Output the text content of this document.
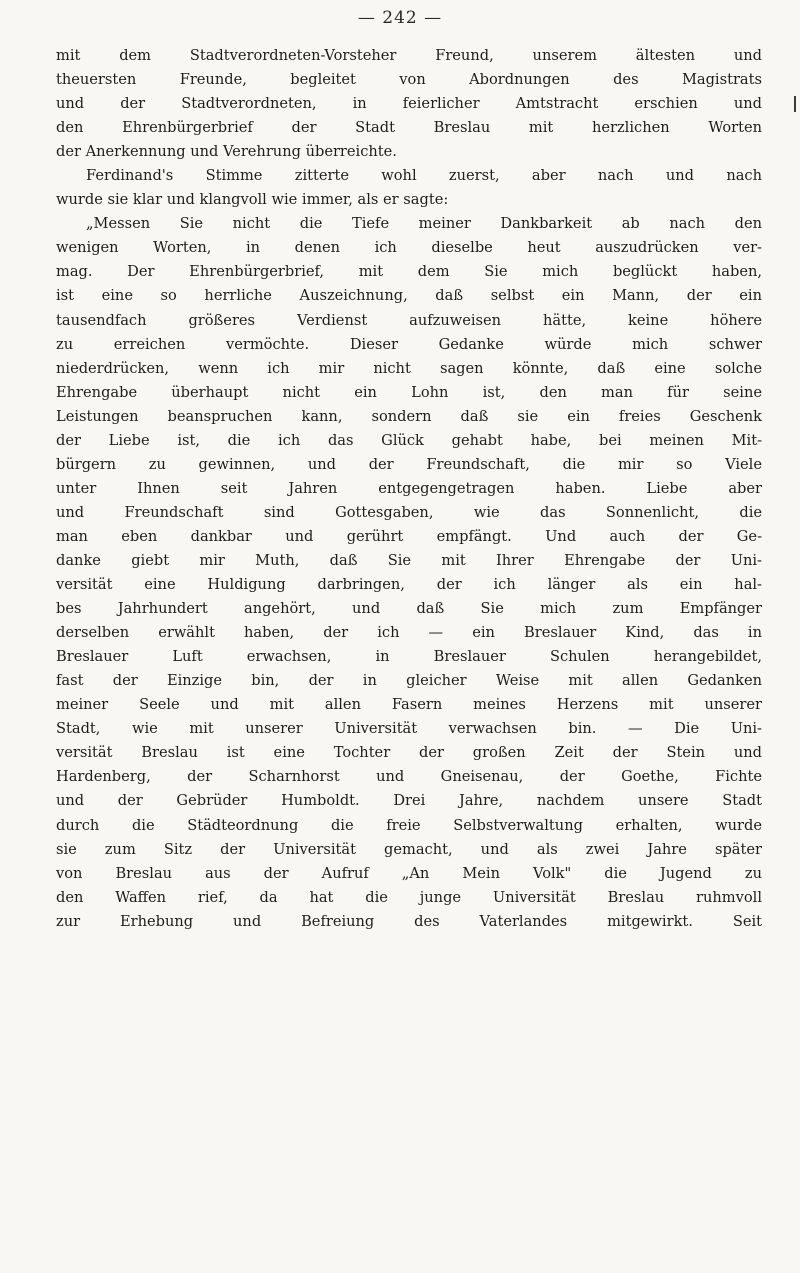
— 242 —
mit dem Stadtverordneten-Vorsteher Freund, unserem ältesten und
theuersten Freunde, begleitet von Abordnungen des Magistrats
und der Stadtverordneten, in feierlicher Amtstracht erschien und
den Ehrenbürgerbrief der Stadt Breslau mit herzlichen Worten
der Anerkennung und Verehrung überreichte.
Ferdinand's Stimme zitterte wohl zuerst, aber nach und nach
wurde sie klar und klangvoll wie immer, als er sagte:
„Messen Sie nicht die Tiefe meiner Dankbarkeit ab nach den
wenigen Worten, in denen ich dieselbe heut auszudrücken ver-
mag. Der Ehrenbürgerbrief, mit dem Sie mich beglückt haben,
ist eine so herrliche Auszeichnung, daß selbst ein Mann, der ein
tausendfach größeres Verdienst aufzuweisen hätte, keine höhere
zu erreichen vermöchte. Dieser Gedanke würde mich schwer
niederdrücken, wenn ich mir nicht sagen könnte, daß eine solche
Ehrengabe überhaupt nicht ein Lohn ist, den man für seine
Leistungen beanspruchen kann, sondern daß sie ein freies Geschenk
der Liebe ist, die ich das Glück gehabt habe, bei meinen Mit-
bürgern zu gewinnen, und der Freundschaft, die mir so Viele
unter Ihnen seit Jahren entgegengetragen haben. Liebe aber
und Freundschaft sind Gottesgaben, wie das Sonnenlicht, die
man eben dankbar und gerührt empfängt. Und auch der Ge-
danke giebt mir Muth, daß Sie mit Ihrer Ehrengabe der Uni-
versität eine Huldigung darbringen, der ich länger als ein hal-
bes Jahrhundert angehört, und daß Sie mich zum Empfänger
derselben erwählt haben, der ich — ein Breslauer Kind, das in
Breslauer Luft erwachsen, in Breslauer Schulen herangebildet,
fast der Einzige bin, der in gleicher Weise mit allen Gedanken
meiner Seele und mit allen Fasern meines Herzens mit unserer
Stadt, wie mit unserer Universität verwachsen bin. — Die Uni-
versität Breslau ist eine Tochter der großen Zeit der Stein und
Hardenberg, der Scharnhorst und Gneisenau, der Goethe, Fichte
und der Gebrüder Humboldt. Drei Jahre, nachdem unsere Stadt
durch die Städteordnung die freie Selbstverwaltung erhalten, wurde
sie zum Sitz der Universität gemacht, und als zwei Jahre später
von Breslau aus der Aufruf „An Mein Volk" die Jugend zu
den Waffen rief, da hat die junge Universität Breslau ruhmvoll
zur Erhebung und Befreiung des Vaterlandes mitgewirkt. Seit
